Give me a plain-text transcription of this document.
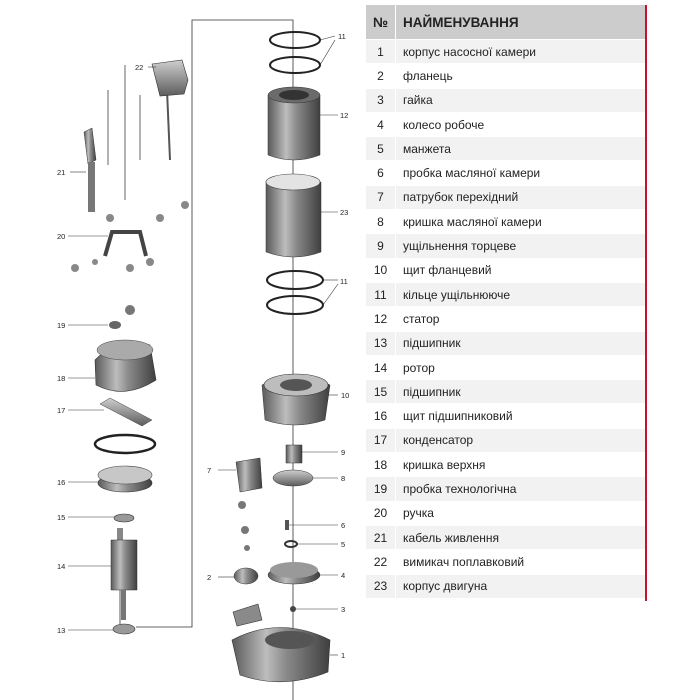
1
2
3
4
5
6
7
8
9
10
11
11
12
13
14
15
16
17
18
19
20
21
22
23
№	НАЙМЕНУВАННЯ
1	корпус насосної камери
2	фланець
3	гайка
4	колесо робоче
5	манжета
6	пробка масляної камери
7	патрубок перехідний
8	кришка масляної камери
9	ущільнення торцеве
10	щит фланцевий
11	кільце ущільнююче
12	статор
13	підшипник
14	ротор
15	підшипник
16	щит підшипниковий
17	конденсатор
18	кришка верхня
19	пробка технологічна
20	ручка
21	кабель живлення
22	вимикач поплавковий
23	корпус двигуна
